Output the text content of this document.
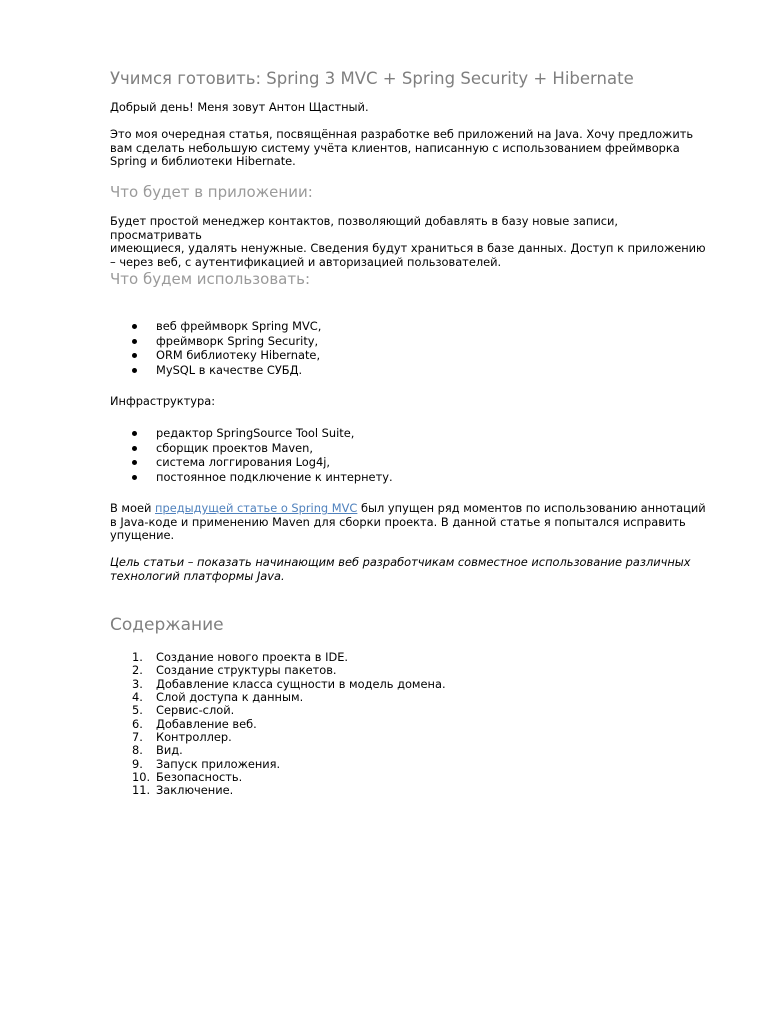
Учимся готовить: Spring 3 MVC + Spring Security + Hibernate

Добрый день! Меня зовут Антон Щастный.

Это моя очередная статья, посвящённая разработке веб приложений на Java. Хочу предложить
вам сделать небольшую систему учёта клиентов, написанную с использованием фреймворка
Spring и библиотеки Hibernate.
Что будет в приложении:
Будет простой менеджер контактов, позволяющий добавлять в базу новые записи, просматривать
имеющиеся, удалять ненужные. Сведения будут храниться в базе данных. Доступ к приложению
– через веб, с аутентификацией и авторизацией пользователей.
Что будем использовать:
веб фреймворк Spring MVC,
фреймворк Spring Security,
ORM библиотеку Hibernate,
MySQL в качестве СУБД.

Инфраструктура:

редактор SpringSource Tool Suite,
сборщик проектов Maven,
система логгирования Log4j,
постоянное подключение к интернету.
В моей предыдущей статье о Spring MVC был упущен ряд моментов по использованию аннотаций
в Java-коде и применению Maven для сборки проекта. В данной статье я попытался исправить
упущение.
Цель статьи – показать начинающим веб разработчикам совместное использование различных
технологий платформы Java.
Содержание
1. Создание нового проекта в IDE.
2. Создание структуры пакетов.
3. Добавление класса сущности в модель домена.
4. Слой доступа к данным.
5. Сервис-слой.
6. Добавление веб.
7. Контроллер.
8. Вид.
9. Запуск приложения.
10. Безопасность.
11. Заключение.
